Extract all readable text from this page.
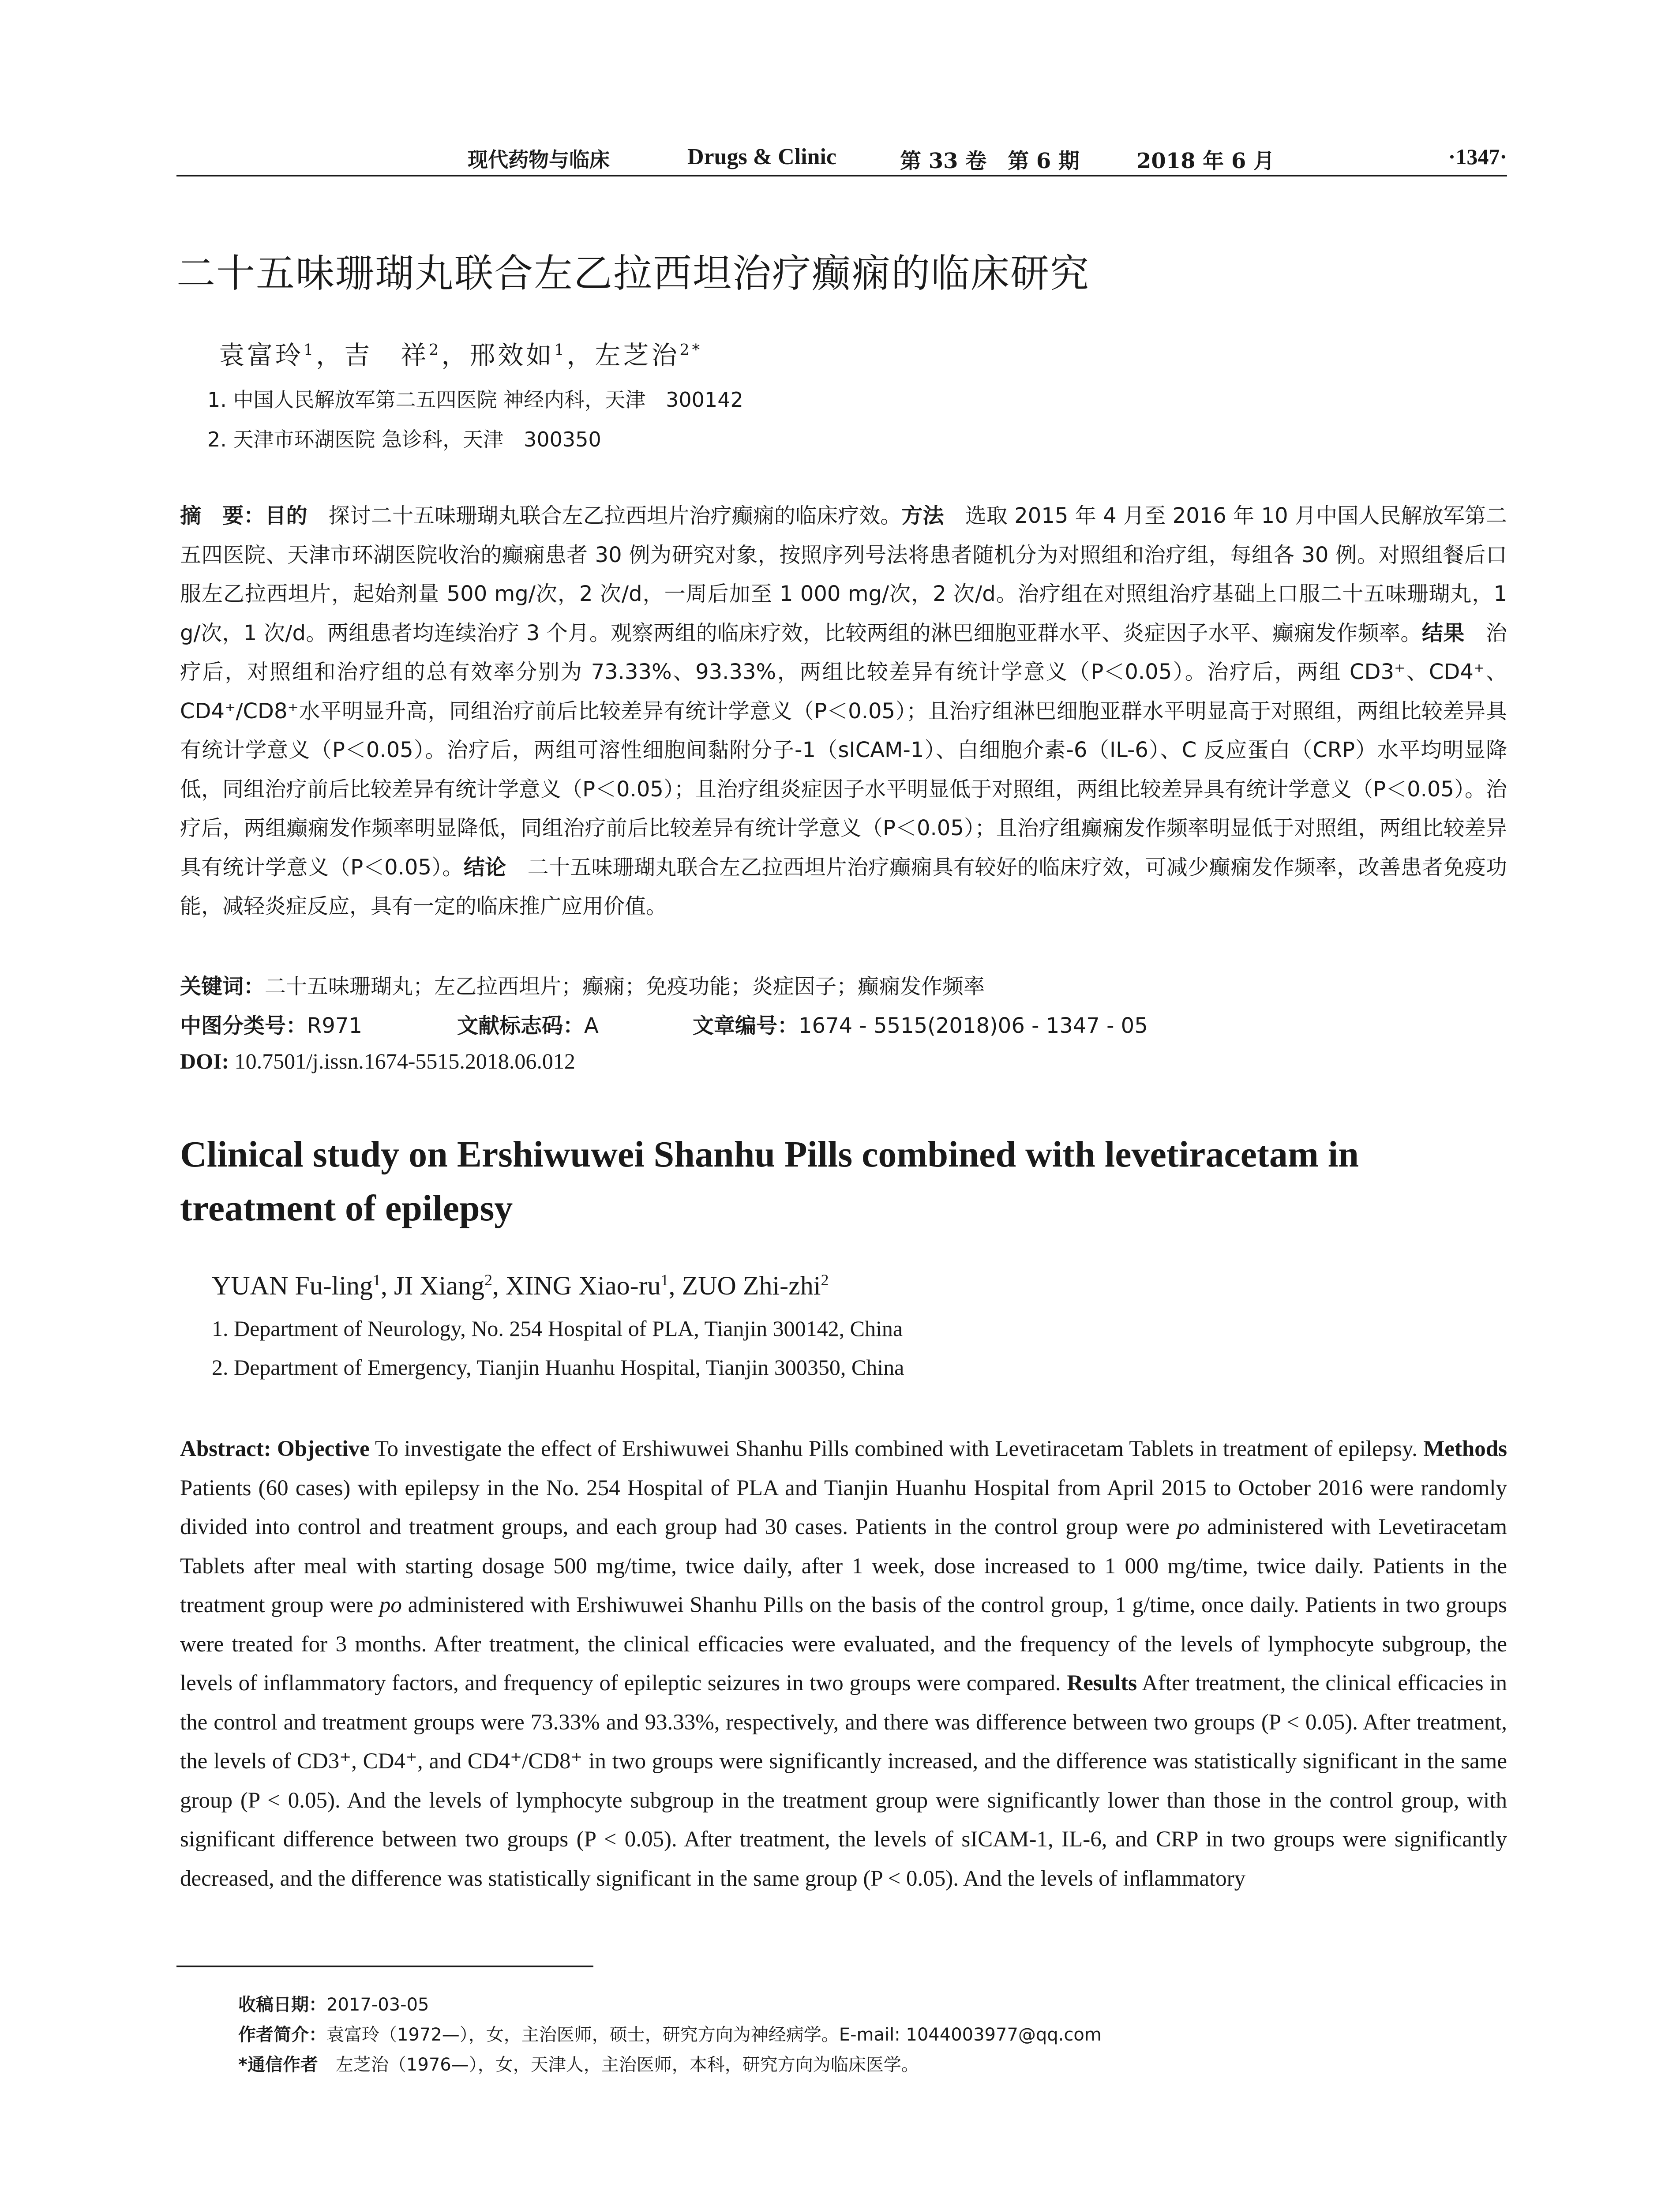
现代药物与临床	Drugs & Clinic	第 33 卷　第 6 期	2018 年 6 月	·1347·
二十五味珊瑚丸联合左乙拉西坦治疗癫痫的临床研究
袁富玲$^1$，吉　祥$^2$，邢效如$^1$，左芝治$^{2*}$
1. 中国人民解放军第二五四医院 神经内科，天津　300142
2. 天津市环湖医院 急诊科，天津　300350

摘　要：目的　探讨二十五味珊瑚丸联合左乙拉西坦片治疗癫痫的临床疗效。方法　选取 2015 年 4 月至 2016 年 10 月中国人民解放军第二五四医院、天津市环湖医院收治的癫痫患者 30 例为研究对象，按照序列号法将患者随机分为对照组和治疗组，每组各 30 例。对照组餐后口服左乙拉西坦片，起始剂量 500 mg/次，2 次/d，一周后加至 1 000 mg/次，2 次/d。治疗组在对照组治疗基础上口服二十五味珊瑚丸，1 g/次，1 次/d。两组患者均连续治疗 3 个月。观察两组的临床疗效，比较两组的淋巴细胞亚群水平、炎症因子水平、癫痫发作频率。结果　治疗后，对照组和治疗组的总有效率分别为 73.33%、93.33%，两组比较差异有统计学意义（P＜0.05）。治疗后，两组 CD3⁺、CD4⁺、CD4⁺/CD8⁺水平明显升高，同组治疗前后比较差异有统计学意义（P＜0.05）；且治疗组淋巴细胞亚群水平明显高于对照组，两组比较差异具有统计学意义（P＜0.05）。治疗后，两组可溶性细胞间黏附分子-1（sICAM-1）、白细胞介素-6（IL-6）、C 反应蛋白（CRP）水平均明显降低，同组治疗前后比较差异有统计学意义（P＜0.05）；且治疗组炎症因子水平明显低于对照组，两组比较差异具有统计学意义（P＜0.05）。治疗后，两组癫痫发作频率明显降低，同组治疗前后比较差异有统计学意义（P＜0.05）；且治疗组癫痫发作频率明显低于对照组，两组比较差异具有统计学意义（P＜0.05）。结论　二十五味珊瑚丸联合左乙拉西坦片治疗癫痫具有较好的临床疗效，可减少癫痫发作频率，改善患者免疫功能，减轻炎症反应，具有一定的临床推广应用价值。

关键词：二十五味珊瑚丸；左乙拉西坦片；癫痫；免疫功能；炎症因子；癫痫发作频率
中图分类号：R971	文献标志码：A	文章编号：1674 - 5515(2018)06 - 1347 - 05
DOI: 10.7501/j.issn.1674-5515.2018.06.012
Clinical study on Ershiwuwei Shanhu Pills combined with levetiracetam in treatment of epilepsy
YUAN Fu-ling$^1$, JI Xiang$^2$, XING Xiao-$ru^1$, ZUO Zhi-zhi$^2$
1. Department of Neurology, No. 254 Hospital of PLA, Tianjin 300142, China
2. Department of Emergency, Tianjin Huanhu Hospital, Tianjin 300350, China

Abstract: Objective To investigate the effect of Ershiwuwei Shanhu Pills combined with Levetiracetam Tablets in treatment of epilepsy. Methods Patients (60 cases) with epilepsy in the No. 254 Hospital of PLA and Tianjin Huanhu Hospital from April 2015 to October 2016 were randomly divided into control and treatment groups, and each group had 30 cases. Patients in the control group were po administered with Levetiracetam Tablets after meal with starting dosage 500 mg/time, twice daily, after 1 week, dose increased to 1 000 mg/time, twice daily. Patients in the treatment group were po administered with Ershiwuwei Shanhu Pills on the basis of the control group, 1 g/time, once daily. Patients in two groups were treated for 3 months. After treatment, the clinical efficacies were evaluated, and the frequency of the levels of lymphocyte subgroup, the levels of inflammatory factors, and frequency of epileptic seizures in two groups were compared. Results After treatment, the clinical efficacies in the control and treatment groups were 73.33% and 93.33%, respectively, and there was difference between two groups (P < 0.05). After treatment, the levels of CD3⁺, CD4⁺, and CD4⁺/CD8⁺ in two groups were significantly increased, and the difference was statistically significant in the same group (P < 0.05). And the levels of lymphocyte subgroup in the treatment group were significantly lower than those in the control group, with significant difference between two groups (P < 0.05). After treatment, the levels of sICAM-1, IL-6, and CRP in two groups were significantly decreased, and the difference was statistically significant in the same group (P < 0.05). And the levels of inflammatory

收稿日期：2017-03-05
作者简介：袁富玲（1972—），女，主治医师，硕士，研究方向为神经病学。E-mail: 1044003977@qq.com
*通信作者　左芝治（1976—），女，天津人，主治医师，本科，研究方向为临床医学。
